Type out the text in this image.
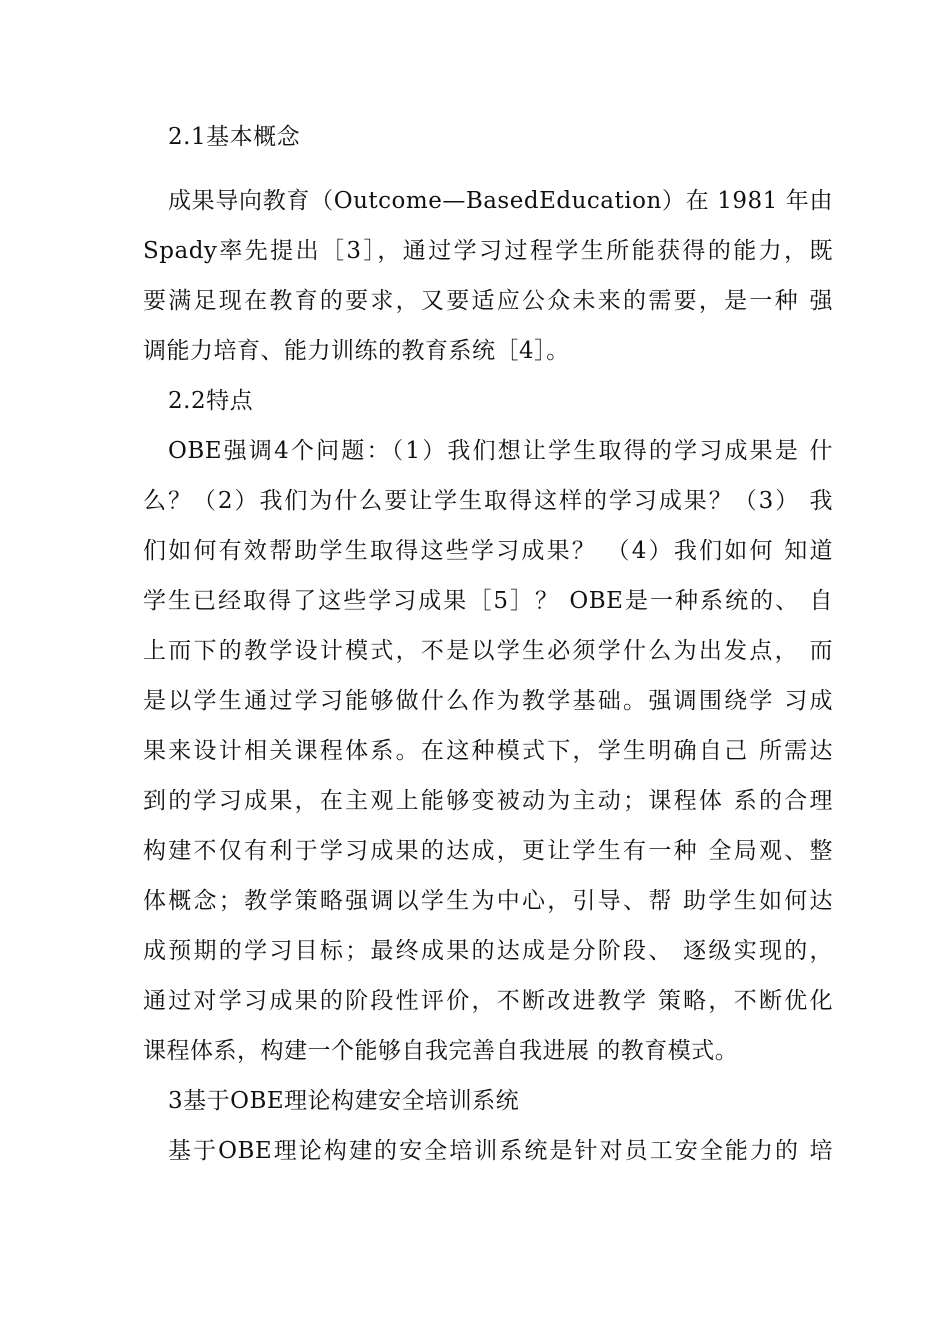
2.1基本概念
成果导向教育（Outcome—BasedEducation）在 1981 年由
Spady率先提出［3］，通过学习过程学生所能获得的能力，既
要满足现在教育的要求，又要适应公众未来的需要，是一种 强
调能力培育、能力训练的教育系统［4］。
2.2特点
OBE强调4个问题：（1）我们想让学生取得的学习成果是 什
么？（2）我们为什么要让学生取得这样的学习成果？（3） 我
们如何有效帮助学生取得这些学习成果？ （4）我们如何 知道
学生已经取得了这些学习成果［5］？ OBE是一种系统的、 自
上而下的教学设计模式，不是以学生必须学什么为出发点， 而
是以学生通过学习能够做什么作为教学基础。强调围绕学 习成
果来设计相关课程体系。在这种模式下，学生明确自己 所需达
到的学习成果，在主观上能够变被动为主动；课程体 系的合理
构建不仅有利于学习成果的达成，更让学生有一种 全局观、整
体概念；教学策略强调以学生为中心，引导、帮 助学生如何达
成预期的学习目标；最终成果的达成是分阶段、 逐级实现的，
通过对学习成果的阶段性评价，不断改进教学 策略，不断优化
课程体系，构建一个能够自我完善自我进展 的教育模式。
3基于OBE理论构建安全培训系统
基于OBE理论构建的安全培训系统是针对员工安全能力的 培
